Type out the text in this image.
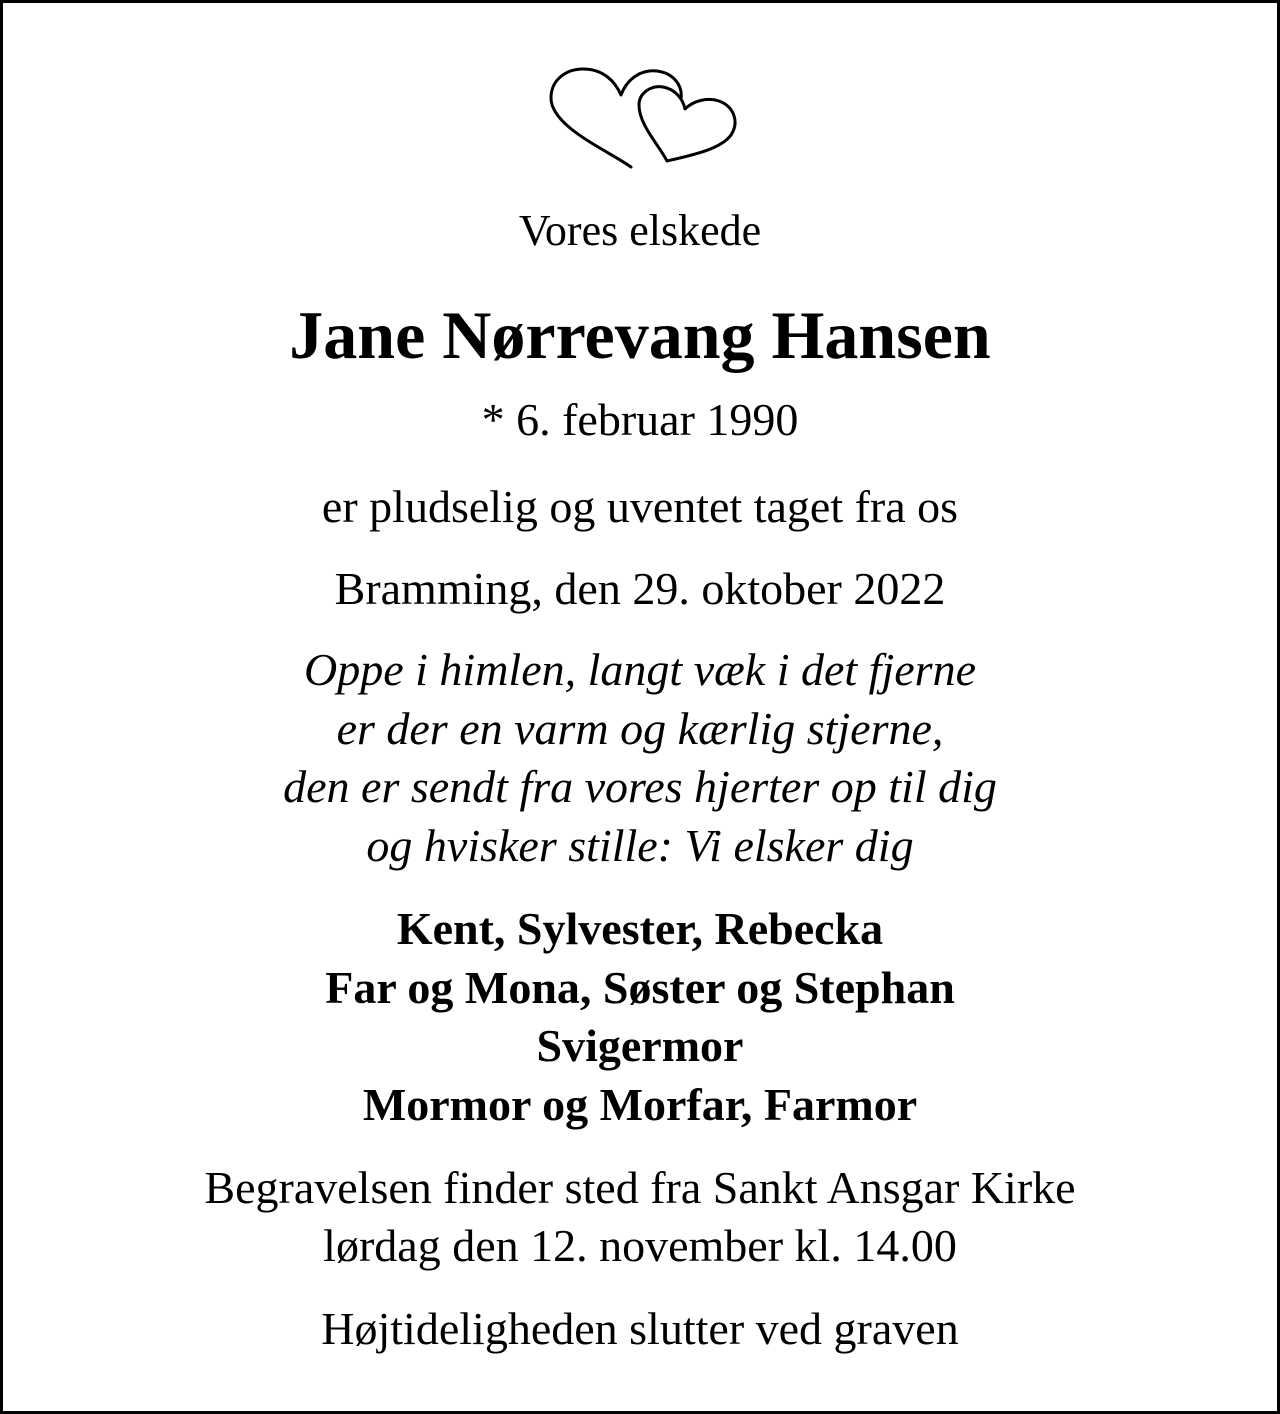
Vores elskede

Jane Nørrevang Hansen

* 6. februar 1990

er pludselig og uventet taget fra os

Bramming, den 29. oktober 2022

Oppe i himlen, langt væk i det fjerne
er der en varm og kærlig stjerne,
den er sendt fra vores hjerter op til dig
og hvisker stille: Vi elsker dig
Kent, Sylvester, Rebecka
Far og Mona, Søster og Stephan
Svigermor
Mormor og Morfar, Farmor
Begravelsen finder sted fra Sankt Ansgar Kirke
lørdag den 12. november kl. 14.00

Højtideligheden slutter ved graven
